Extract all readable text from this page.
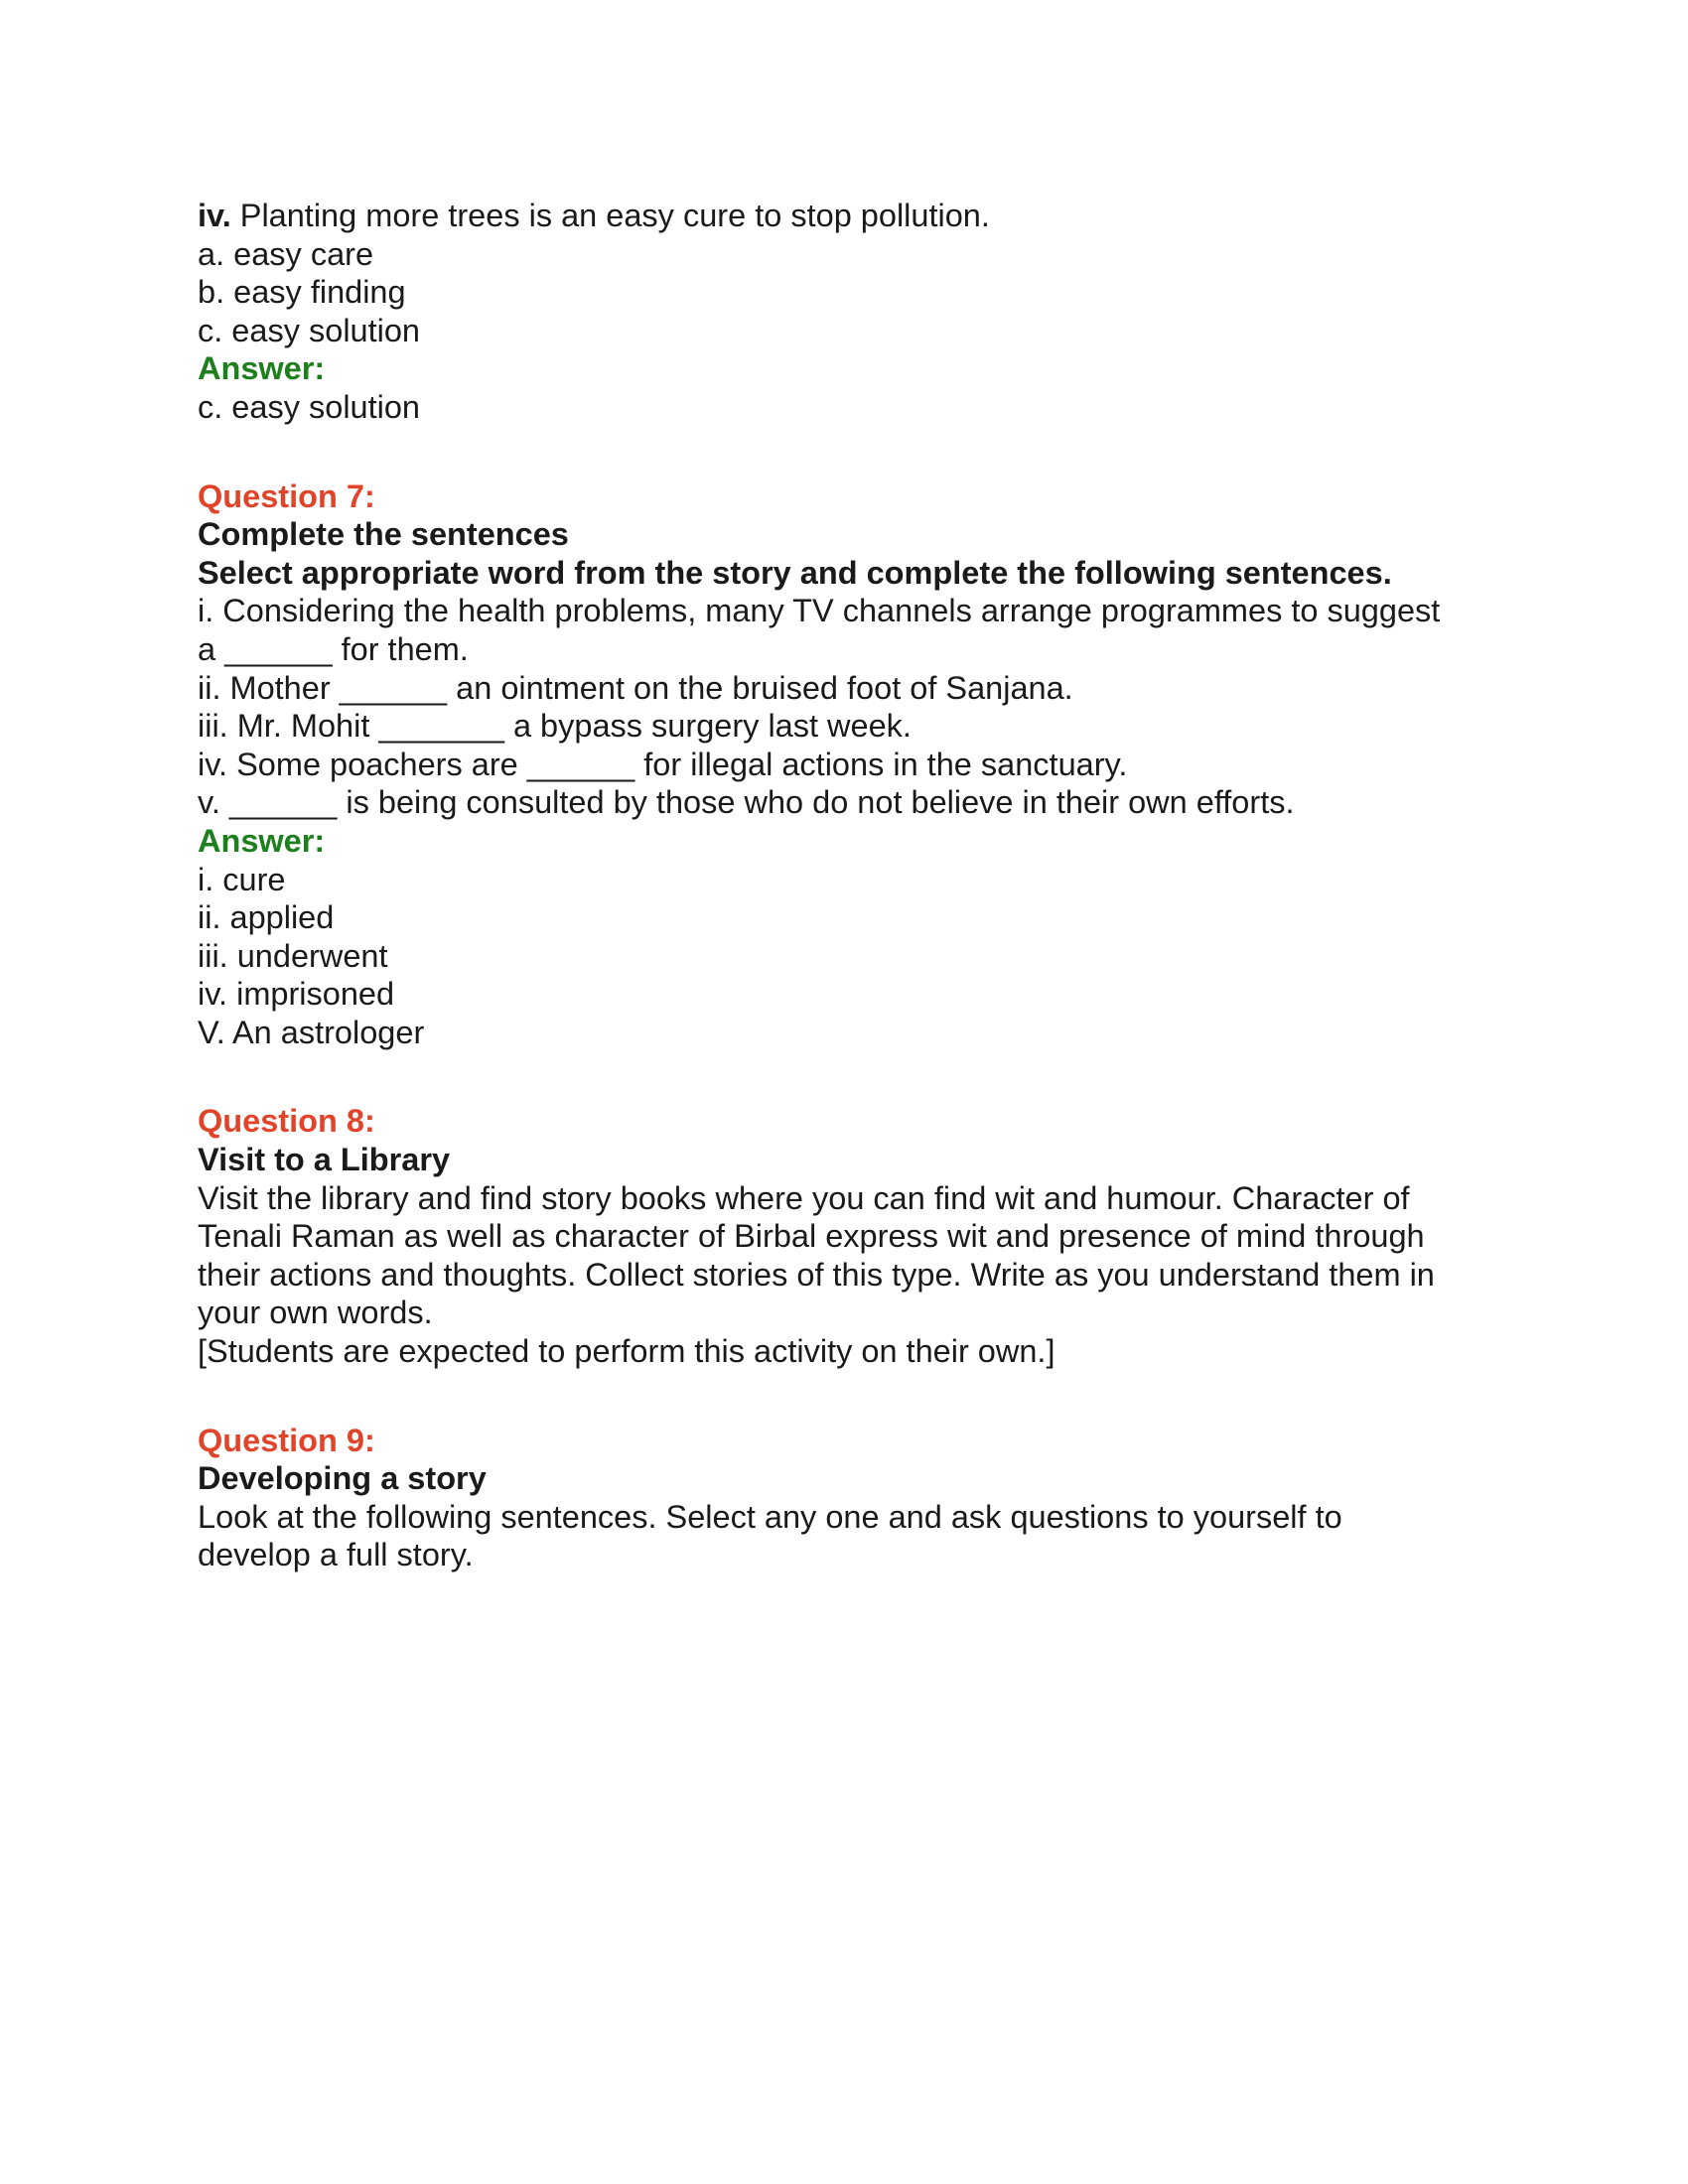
iv. Planting more trees is an easy cure to stop pollution.
a. easy care
b. easy finding
c. easy solution
Answer:
c. easy solution
Question 7:
Complete the sentences
Select appropriate word from the story and complete the following sentences.
i. Considering the health problems, many TV channels arrange programmes to suggest
a ______ for them.
ii. Mother ______ an ointment on the bruised foot of Sanjana.
iii. Mr. Mohit _______ a bypass surgery last week.
iv. Some poachers are ______ for illegal actions in the sanctuary.
v. ______ is being consulted by those who do not believe in their own efforts.
Answer:
i. cure
ii. applied
iii. underwent
iv. imprisoned
V. An astrologer
Question 8:
Visit to a Library
Visit the library and find story books where you can find wit and humour. Character of
Tenali Raman as well as character of Birbal express wit and presence of mind through
their actions and thoughts. Collect stories of this type. Write as you understand them in
your own words.
[Students are expected to perform this activity on their own.]
Question 9:
Developing a story
Look at the following sentences. Select any one and ask questions to yourself to
develop a full story.
